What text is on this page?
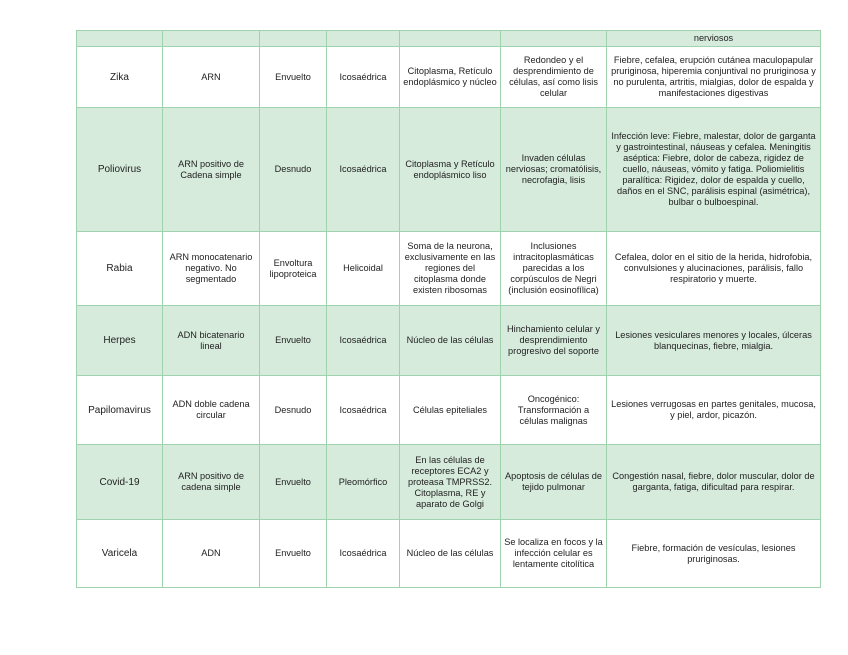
						nerviosos
Zika	ARN	Envuelto	Icosaédrica	Citoplasma, Retículo endoplásmico y núcleo	Redondeo y el desprendimiento de células, así como lisis celular	Fiebre, cefalea, erupción cutánea maculopapular pruriginosa, hiperemia conjuntival no pruriginosa y no purulenta, artritis, mialgias, dolor de espalda y manifestaciones digestivas
Poliovirus	ARN positivo de Cadena simple	Desnudo	Icosaédrica	Citoplasma y Retículo endoplásmico liso	Invaden células nerviosas; cromatólisis, necrofagia, lisis	Infección leve: Fiebre, malestar, dolor de garganta y gastrointestinal, náuseas y cefalea. Meningitis aséptica: Fiebre, dolor de cabeza, rigidez de cuello, náuseas, vómito y fatiga. Poliomielitis paralítica: Rigidez, dolor de espalda y cuello, daños en el SNC, parálisis espinal (asimétrica), bulbar o bulboespinal.
Rabia	ARN monocatenario negativo. No segmentado	Envoltura lipoproteica	Helicoidal	Soma de la neurona, exclusivamente en las regiones del citoplasma donde existen ribosomas	Inclusiones intracitoplasmáticas parecidas a los corpúsculos de Negri (inclusión eosinofílica)	Cefalea, dolor en el sitio de la herida, hidrofobia, convulsiones y alucinaciones, parálisis, fallo respiratorio y muerte.
Herpes	ADN bicatenario lineal	Envuelto	Icosaédrica	Núcleo de las células	Hinchamiento celular y desprendimiento progresivo del soporte	Lesiones vesiculares menores y locales, úlceras blanquecinas, fiebre, mialgia.
Papilomavirus	ADN doble cadena circular	Desnudo	Icosaédrica	Células epiteliales	Oncogénico: Transformación a células malignas	Lesiones verrugosas en partes genitales, mucosa, y piel, ardor, picazón.
Covid-19	ARN positivo de cadena simple	Envuelto	Pleomórfico	En las células de receptores ECA2 y proteasa TMPRSS2. Citoplasma, RE y aparato de Golgi	Apoptosis de células de tejido pulmonar	Congestión nasal, fiebre, dolor muscular, dolor de garganta, fatiga, dificultad para respirar.
Varicela	ADN	Envuelto	Icosaédrica	Núcleo de las células	Se localiza en focos y la infección celular es lentamente citolítica	Fiebre, formación de vesículas, lesiones pruriginosas.
